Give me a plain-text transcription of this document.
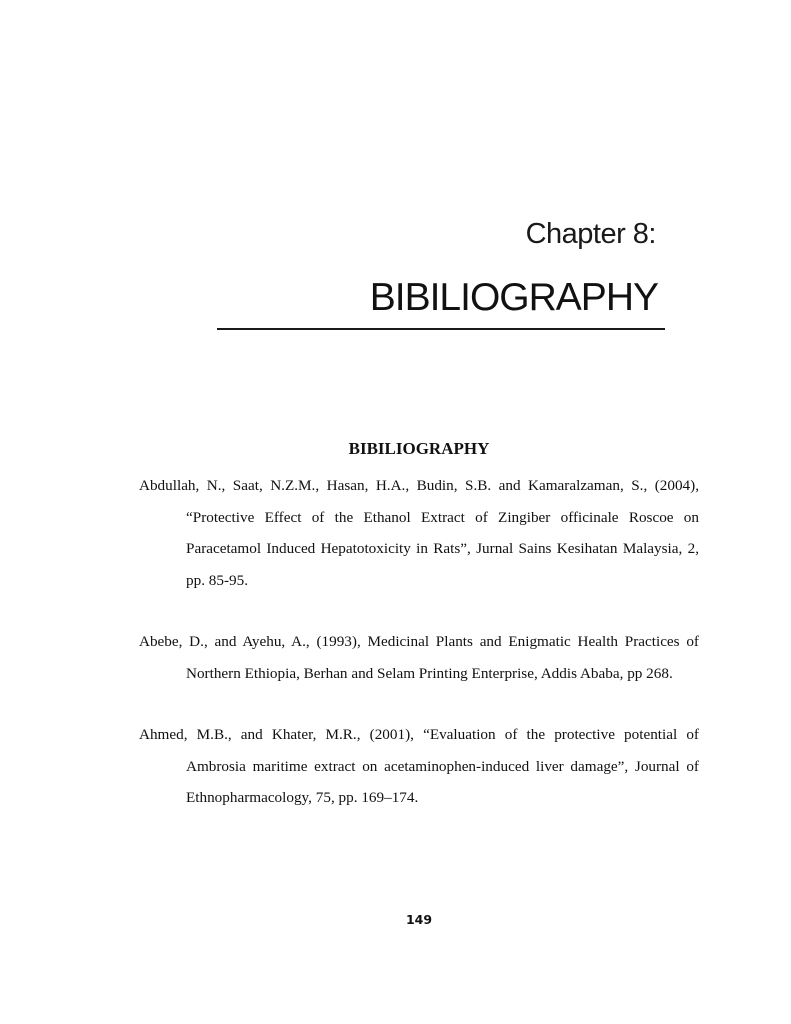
Chapter 8:
BIBILIOGRAPHY
BIBILIOGRAPHY

Abdullah, N., Saat, N.Z.M., Hasan, H.A., Budin, S.B. and Kamaralzaman, S., (2004), “Protective Effect of the Ethanol Extract of Zingiber officinale Roscoe on Paracetamol Induced Hepatotoxicity in Rats”, Jurnal Sains Kesihatan Malaysia, 2, pp. 85-95.

Abebe, D., and Ayehu, A., (1993), Medicinal Plants and Enigmatic Health Practices of Northern Ethiopia, Berhan and Selam Printing Enterprise, Addis Ababa, pp 268.

Ahmed, M.B., and Khater, M.R., (2001), “Evaluation of the protective potential of Ambrosia maritime extract on acetaminophen-induced liver damage”, Journal of Ethnopharmacology, 75, pp. 169–174.

149
